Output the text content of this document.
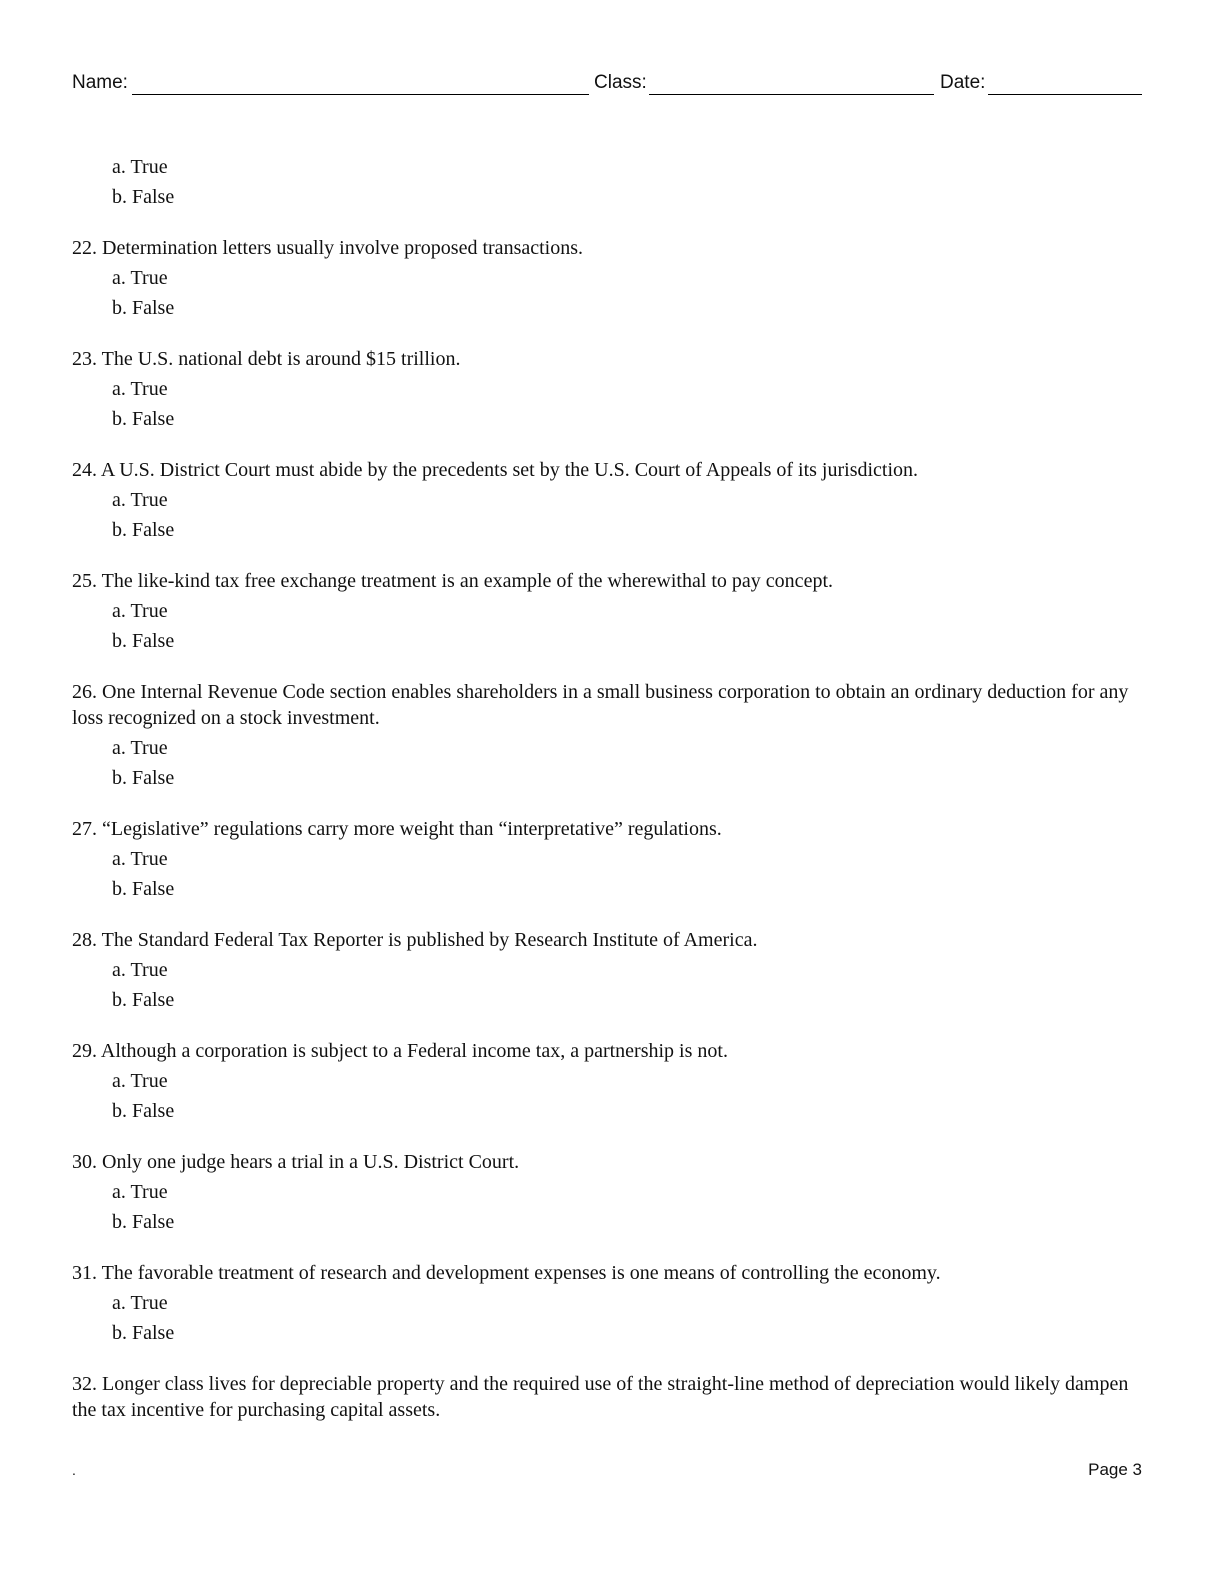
Name:	Class:	Date:
a. True
b. False
22. Determination letters usually involve proposed transactions.
a. True
b. False
23. The U.S. national debt is around $15 trillion.
a. True
b. False
24. A U.S. District Court must abide by the precedents set by the U.S. Court of Appeals of its jurisdiction.
a. True
b. False
25. The like-kind tax free exchange treatment is an example of the wherewithal to pay concept.
a. True
b. False
26. One Internal Revenue Code section enables shareholders in a small business corporation to obtain an ordinary deduction for any loss recognized on a stock investment.
a. True
b. False
27. “Legislative” regulations carry more weight than “interpretative” regulations.
a. True
b. False
28. The Standard Federal Tax Reporter is published by Research Institute of America.
a. True
b. False
29. Although a corporation is subject to a Federal income tax, a partnership is not.
a. True
b. False
30. Only one judge hears a trial in a U.S. District Court.
a. True
b. False
31. The favorable treatment of research and development expenses is one means of controlling the economy.
a. True
b. False
32. Longer class lives for depreciable property and the required use of the straight-line method of depreciation would likely dampen the tax incentive for purchasing capital assets.
.	Page 3
